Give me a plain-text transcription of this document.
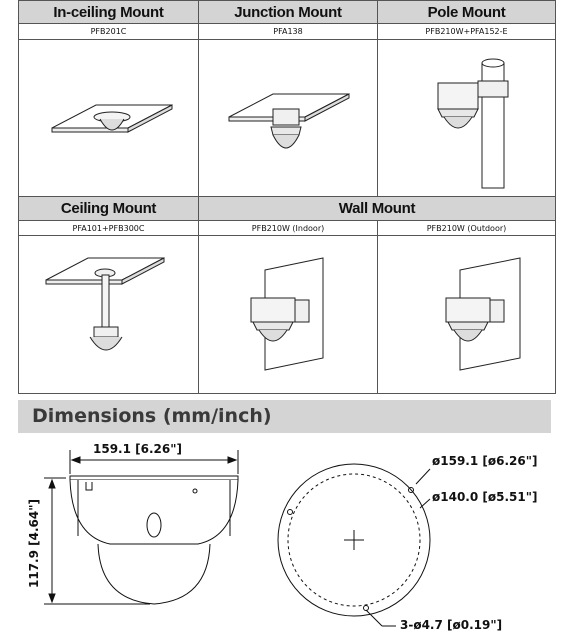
In-ceiling Mount	Junction Mount	Pole Mount
PFB201C	PFA138	PFB210W+PFA152-E

Ceiling Mount	Wall Mount	
PFA101+PFB300C	PFB210W (Indoor)	PFB210W (Outdoor)

Dimensions (mm/inch)
159.1 [6.26"]
117.9 [4.64"]
ø159.1 [ø6.26"]
ø140.0 [ø5.51"]
3-ø4.7 [ø0.19"]
